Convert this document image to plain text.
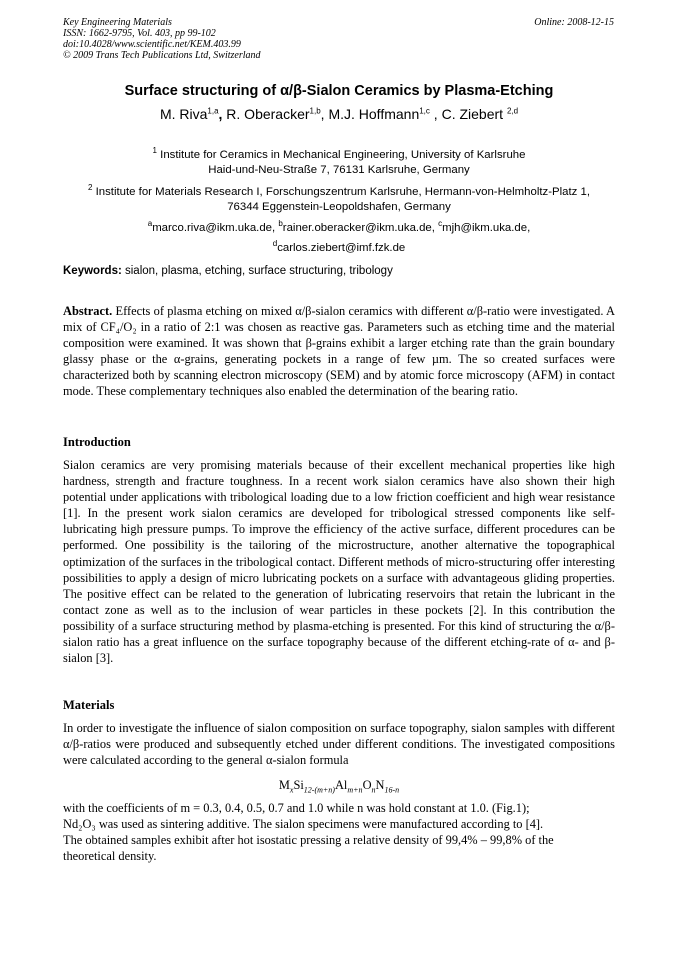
Key Engineering Materials
ISSN: 1662-9795, Vol. 403, pp 99-102
doi:10.4028/www.scientific.net/KEM.403.99
© 2009 Trans Tech Publications Ltd, Switzerland
Online: 2008-12-15
Surface structuring of α/β-Sialon Ceramics by Plasma-Etching
M. Riva$^{1,a}$, R. Oberacker$^{1,b}$, M.J. Hoffmann$^{1,c}$ , C. Ziebert $^{2,d}$
$^1$ Institute for Ceramics in Mechanical Engineering, University of Karlsruhe
Haid-und-Neu-Straße 7, 76131 Karlsruhe, Germany
$^2$ Institute for Materials Research I, Forschungszentrum Karlsruhe, Hermann-von-Helmholtz-Platz 1,
76344 Eggenstein-Leopoldshafen, Germany
$^a$marco.riva@ikm.uka.de, $^b$rainer.oberacker@ikm.uka.de, $^c$mjh@ikm.uka.de,
$^d$carlos.ziebert@imf.fzk.de
Keywords: sialon, plasma, etching, surface structuring, tribology
Abstract. Effects of plasma etching on mixed α/β-sialon ceramics with different α/β-ratio were investigated. A mix of CF₄/O₂ in a ratio of 2:1 was chosen as reactive gas. Parameters such as etching time and the material composition were examined. It was shown that β-grains exhibit a larger etching rate than the grain boundary glassy phase or the α-grains, generating pockets in a range of few µm. The so created surfaces were characterized both by scanning electron microscopy (SEM) and by atomic force microscopy (AFM) in contact mode. These complementary techniques also enabled the determination of the bearing ratio.
Introduction
Sialon ceramics are very promising materials because of their excellent mechanical properties like high hardness, strength and fracture toughness. In a recent work sialon ceramics have also shown their high potential under applications with tribological loading due to a low friction coefficient and high wear resistance [1]. In the present work sialon ceramics are developed for tribological stressed components like self-lubricating high pressure pumps. To improve the efficiency of the active surface, different procedures can be performed. One possibility is the tailoring of the microstructure, another alternative the topographical optimization of the surfaces in the tribological contact. Different methods of micro-structuring offer interesting possibilities to apply a design of micro lubricating pockets on a surface with advantageous gliding properties. The positive effect can be related to the generation of lubricating reservoirs that retain the lubricant in the contact zone as well as to the inclusion of wear particles in these pockets [2]. In this contribution the possibility of a surface structuring method by plasma-etching is presented. For this kind of structuring the α/β-sialon ratio has a great influence on the surface topography because of the different etching-rate of α- and β-sialon [3].
Materials
In order to investigate the influence of sialon composition on surface topography, sialon samples with different α/β-ratios were produced and subsequently etched under different conditions. The investigated compositions were calculated according to the general α-sialon formula
$M_xSi_{12-(m+n)}Al_{m+n}O_nN_{16-n}$
with the coefficients of m = 0.3, 0.4, 0.5, 0.7 and 1.0 while n was hold constant at 1.0. (Fig.1);
Nd₂O₃ was used as sintering additive. The sialon specimens were manufactured according to [4].
The obtained samples exhibit after hot isostatic pressing a relative density of 99,4% – 99,8% of the
theoretical density.
